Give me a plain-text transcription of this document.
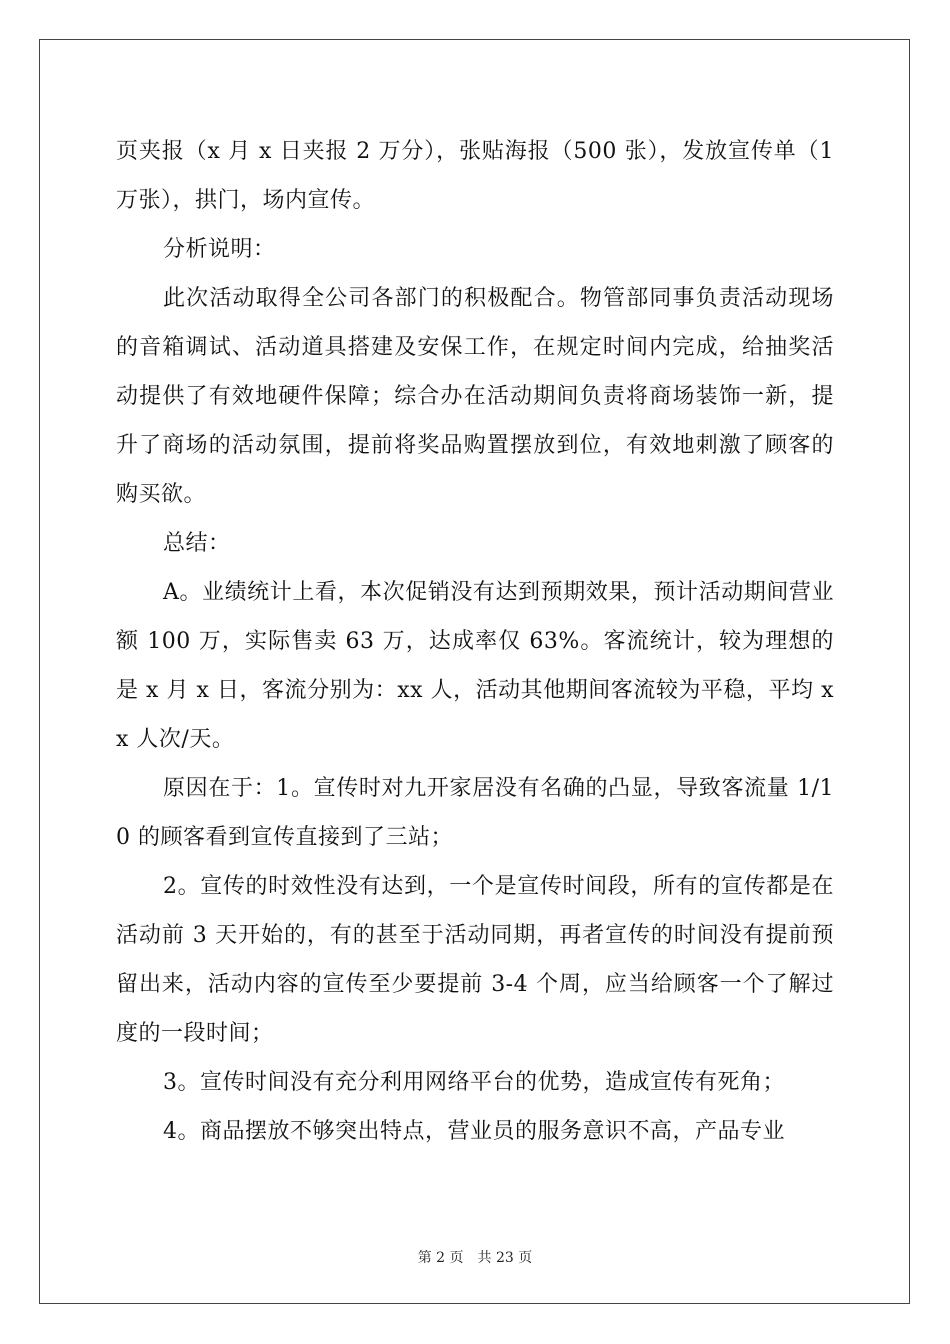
页夹报（x 月 x 日夹报 2 万分），张贴海报（500 张），发放宣传单（1 万张），拱门，场内宣传。

分析说明：

此次活动取得全公司各部门的积极配合。物管部同事负责活动现场的音箱调试、活动道具搭建及安保工作，在规定时间内完成，给抽奖活动提供了有效地硬件保障；综合办在活动期间负责将商场装饰一新，提升了商场的活动氛围，提前将奖品购置摆放到位，有效地刺激了顾客的购买欲。

总结：

A。业绩统计上看，本次促销没有达到预期效果，预计活动期间营业额 100 万，实际售卖 63 万，达成率仅 63%。客流统计，较为理想的是 x 月 x 日，客流分别为：xx 人，活动其他期间客流较为平稳，平均 xx 人次/天。

原因在于：1。宣传时对九开家居没有名确的凸显，导致客流量 1/10 的顾客看到宣传直接到了三站；

2。宣传的时效性没有达到，一个是宣传时间段，所有的宣传都是在活动前 3 天开始的，有的甚至于活动同期，再者宣传的时间没有提前预留出来，活动内容的宣传至少要提前 3-4 个周，应当给顾客一个了解过度的一段时间；

3。宣传时间没有充分利用网络平台的优势，造成宣传有死角；

4。商品摆放不够突出特点，营业员的服务意识不高，产品专业

第 2 页 共 23 页
